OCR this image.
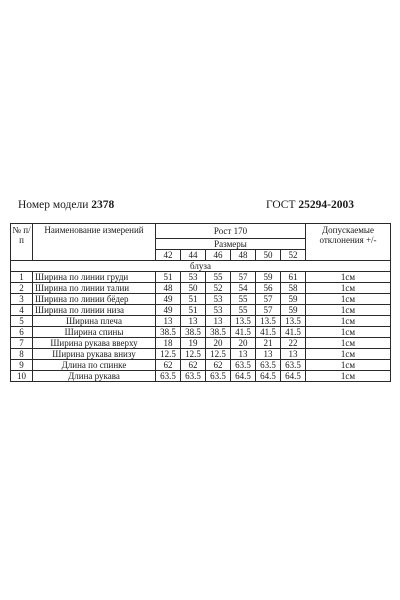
Номер модели 2378	ГОСТ 25294-2003
№ п/п	Наименование измерений	Рост 170						Допускаемые отклонения +/-
		Размеры						
		42	44	46	48	50	52	
блуза								
1	Ширина по линии груди	51	53	55	57	59	61	1см
2	Ширина по линии талии	48	50	52	54	56	58	1см
3	Ширина по линии бёдер	49	51	53	55	57	59	1см
4	Ширина по линии низа	49	51	53	55	57	59	1см
5	Ширина плеча	13	13	13	13.5	13.5	13.5	1см
6	Ширина спины	38.5	38.5	38.5	41.5	41.5	41.5	1см
7	Ширина рукава вверху	18	19	20	20	21	22	1см
8	Ширина рукава внизу	12.5	12.5	12.5	13	13	13	1см
9	Длина по спинке	62	62	62	63.5	63.5	63.5	1см
10	Длина рукава	63.5	63.5	63.5	64.5	64.5	64.5	1см
